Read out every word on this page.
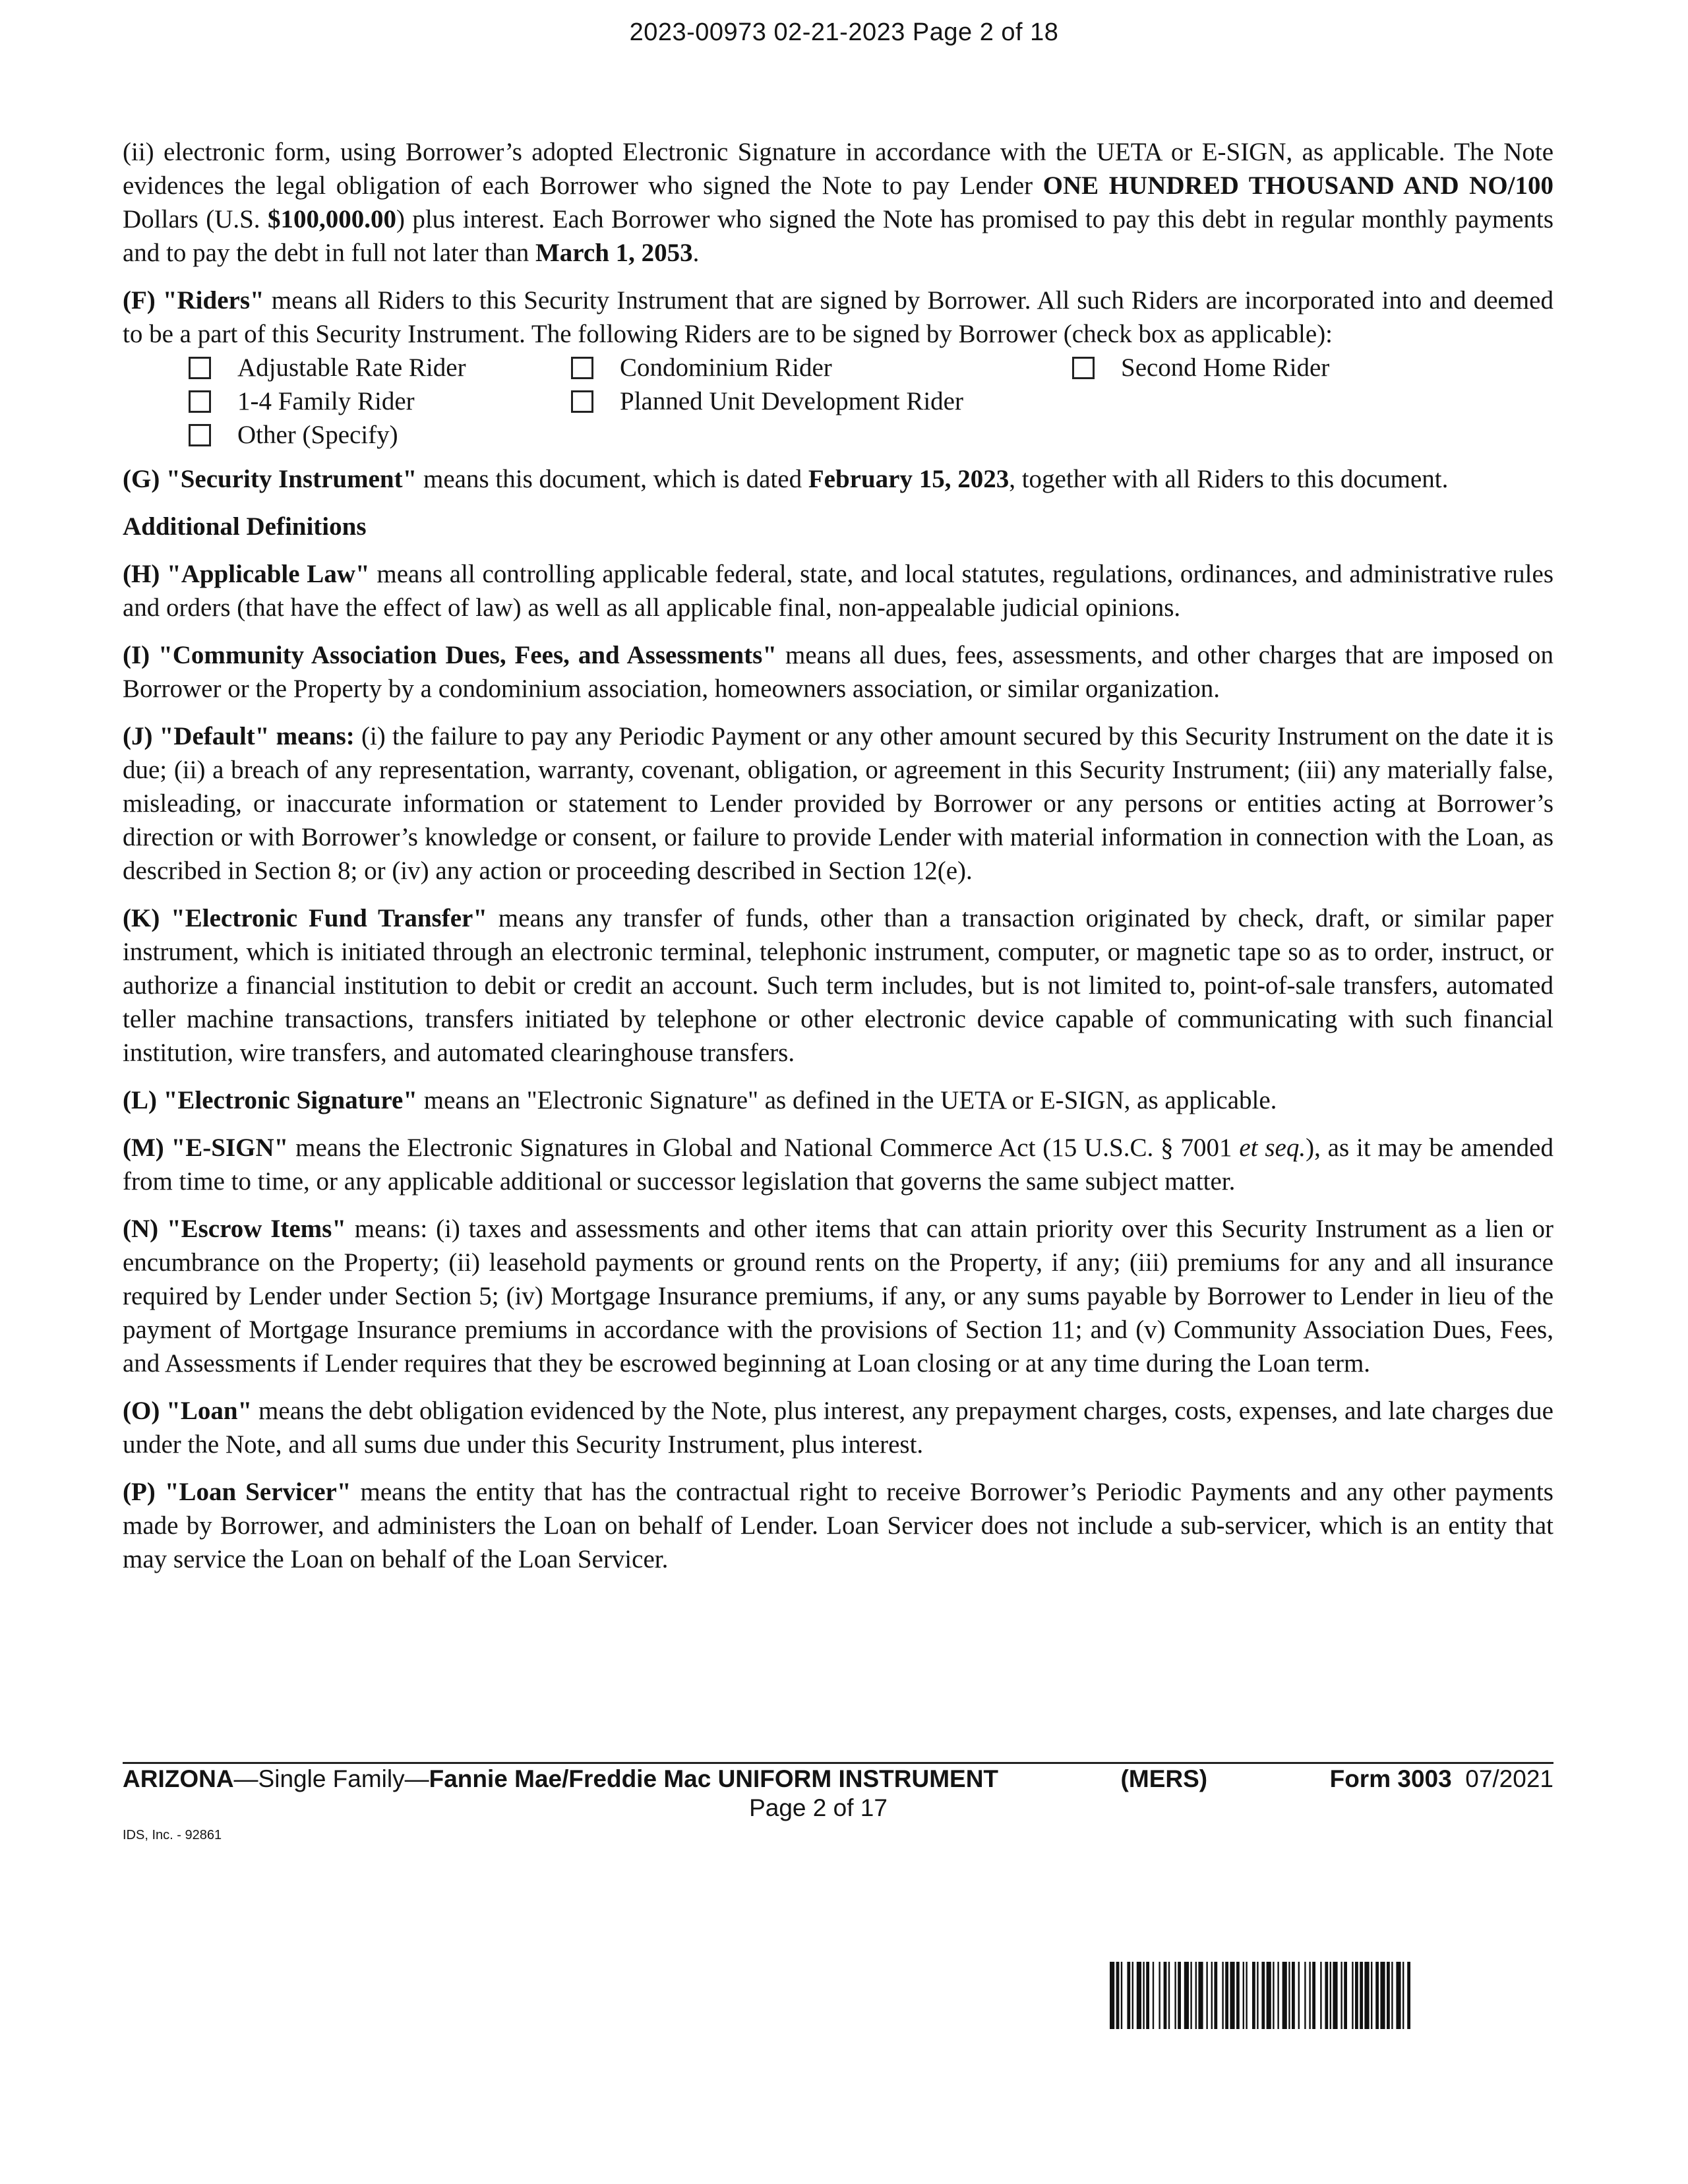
2023-00973 02-21-2023 Page 2 of 18

(ii) electronic form, using Borrower’s adopted Electronic Signature in accordance with the UETA or E-SIGN, as applicable. The Note evidences the legal obligation of each Borrower who signed the Note to pay Lender ONE HUNDRED THOUSAND AND NO/100 Dollars (U.S. $100,000.00) plus interest. Each Borrower who signed the Note has promised to pay this debt in regular monthly payments and to pay the debt in full not later than March 1, 2053.

(F) "Riders" means all Riders to this Security Instrument that are signed by Borrower. All such Riders are incorporated into and deemed to be a part of this Security Instrument. The following Riders are to be signed by Borrower (check box as applicable):

Adjustable Rate Rider	Condominium Rider	Second Home Rider
1-4 Family Rider	Planned Unit Development Rider
Other (Specify)

(G) "Security Instrument" means this document, which is dated February 15, 2023, together with all Riders to this document.

Additional Definitions

(H) "Applicable Law" means all controlling applicable federal, state, and local statutes, regulations, ordinances, and administrative rules and orders (that have the effect of law) as well as all applicable final, non-appealable judicial opinions.

(I) "Community Association Dues, Fees, and Assessments" means all dues, fees, assessments, and other charges that are imposed on Borrower or the Property by a condominium association, homeowners association, or similar organization.

(J) "Default" means: (i) the failure to pay any Periodic Payment or any other amount secured by this Security Instrument on the date it is due; (ii) a breach of any representation, warranty, covenant, obligation, or agreement in this Security Instrument; (iii) any materially false, misleading, or inaccurate information or statement to Lender provided by Borrower or any persons or entities acting at Borrower’s direction or with Borrower’s knowledge or consent, or failure to provide Lender with material information in connection with the Loan, as described in Section 8; or (iv) any action or proceeding described in Section 12(e).

(K) "Electronic Fund Transfer" means any transfer of funds, other than a transaction originated by check, draft, or similar paper instrument, which is initiated through an electronic terminal, telephonic instrument, computer, or magnetic tape so as to order, instruct, or authorize a financial institution to debit or credit an account. Such term includes, but is not limited to, point-of-sale transfers, automated teller machine transactions, transfers initiated by telephone or other electronic device capable of communicating with such financial institution, wire transfers, and automated clearinghouse transfers.

(L) "Electronic Signature" means an "Electronic Signature" as defined in the UETA or E-SIGN, as applicable.

(M) "E-SIGN" means the Electronic Signatures in Global and National Commerce Act (15 U.S.C. § 7001 et seq.), as it may be amended from time to time, or any applicable additional or successor legislation that governs the same subject matter.

(N) "Escrow Items" means: (i) taxes and assessments and other items that can attain priority over this Security Instrument as a lien or encumbrance on the Property; (ii) leasehold payments or ground rents on the Property, if any; (iii) premiums for any and all insurance required by Lender under Section 5; (iv) Mortgage Insurance premiums, if any, or any sums payable by Borrower to Lender in lieu of the payment of Mortgage Insurance premiums in accordance with the provisions of Section 11; and (v) Community Association Dues, Fees, and Assessments if Lender requires that they be escrowed beginning at Loan closing or at any time during the Loan term.

(O) "Loan" means the debt obligation evidenced by the Note, plus interest, any prepayment charges, costs, expenses, and late charges due under the Note, and all sums due under this Security Instrument, plus interest.

(P) "Loan Servicer" means the entity that has the contractual right to receive Borrower’s Periodic Payments and any other payments made by Borrower, and administers the Loan on behalf of Lender. Loan Servicer does not include a sub-servicer, which is an entity that may service the Loan on behalf of the Loan Servicer.

ARIZONA—Single Family—Fannie Mae/Freddie Mac UNIFORM INSTRUMENT	(MERS)	Form 3003 07/2021
Page 2 of 17
IDS, Inc. - 92861
